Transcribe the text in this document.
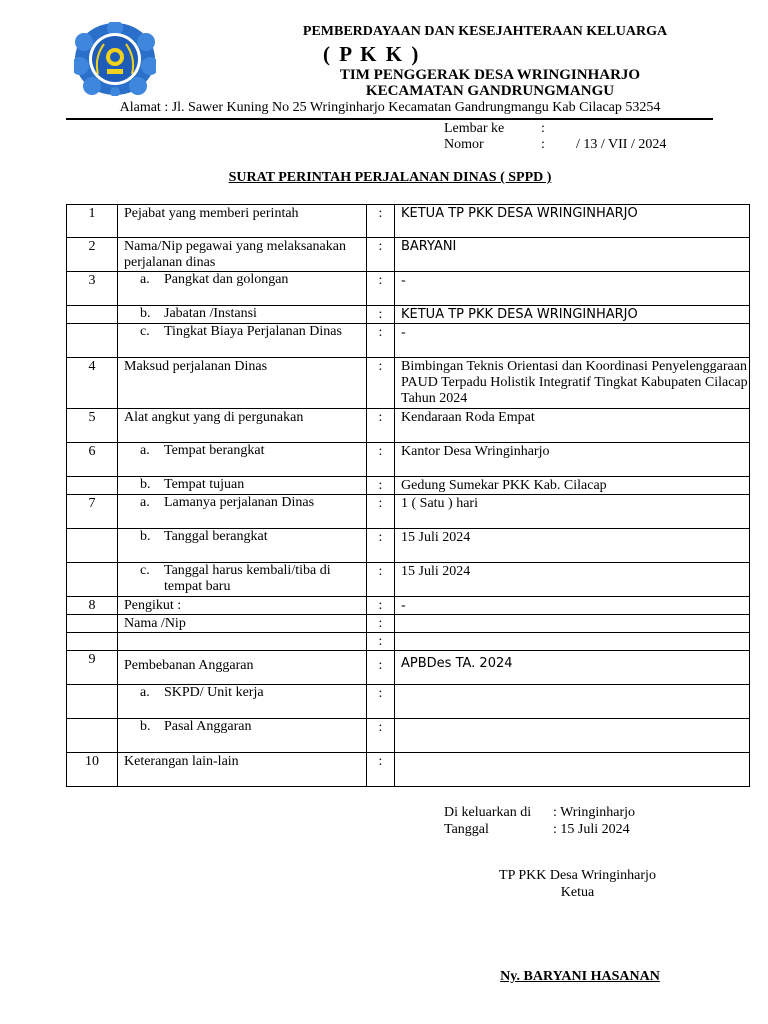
PEMBERDAYAAN DAN KESEJAHTERAAN KELUARGA
( P K K )
TIM PENGGERAK DESA WRINGINHARJO
KECAMATAN GANDRUNGMANGU
Alamat : Jl. Sawer Kuning No 25 Wringinharjo Kecamatan Gandrungmangu Kab Cilacap 53254
Lembar ke	:
Nomor	: / 13 / VII / 2024
SURAT PERINTAH PERJALANAN DINAS ( SPPD )
1	Pejabat yang memberi perintah	:	KETUA TP PKK DESA WRINGINHARJO
2	Nama/Nip pegawai yang melaksanakan perjalanan dinas	:	BARYANI
3	a. Pangkat dan golongan	:	-

	b. Jabatan /Instansi	:	KETUA TP PKK DESA WRINGINHARJO

	c. Tingkat Biaya Perjalanan Dinas	:	-
4	Maksud perjalanan Dinas	:	Bimbingan Teknis Orientasi dan Koordinasi Penyelenggaraan PAUD Terpadu Holistik Integratif Tingkat Kabupaten Cilacap Tahun 2024
5	Alat angkut yang di pergunakan	:	Kendaraan Roda Empat
6	a. Tempat berangkat	:	Kantor Desa Wringinharjo

	b. Tempat tujuan	:	Gedung Sumekar PKK Kab. Cilacap
7	a. Lamanya perjalanan Dinas	:	1 ( Satu ) hari

	b. Tanggal berangkat	:	15 Juli 2024

	c. Tanggal harus kembali/tiba di tempat baru	:	15 Juli 2024
8	Pengikut :	:	-
	Nama /Nip	:	
		:	
9	Pembebanan Anggaran	:	APBDes TA. 2024

	a. SKPD/ Unit kerja	:	

	b. Pasal Anggaran	:	
10	Keterangan lain-lain	:	
Di keluarkan di : Wringinharjo
Tanggal	: 15 Juli 2024
TP PKK Desa Wringinharjo
Ketua
Ny. BARYANI HASANAN
